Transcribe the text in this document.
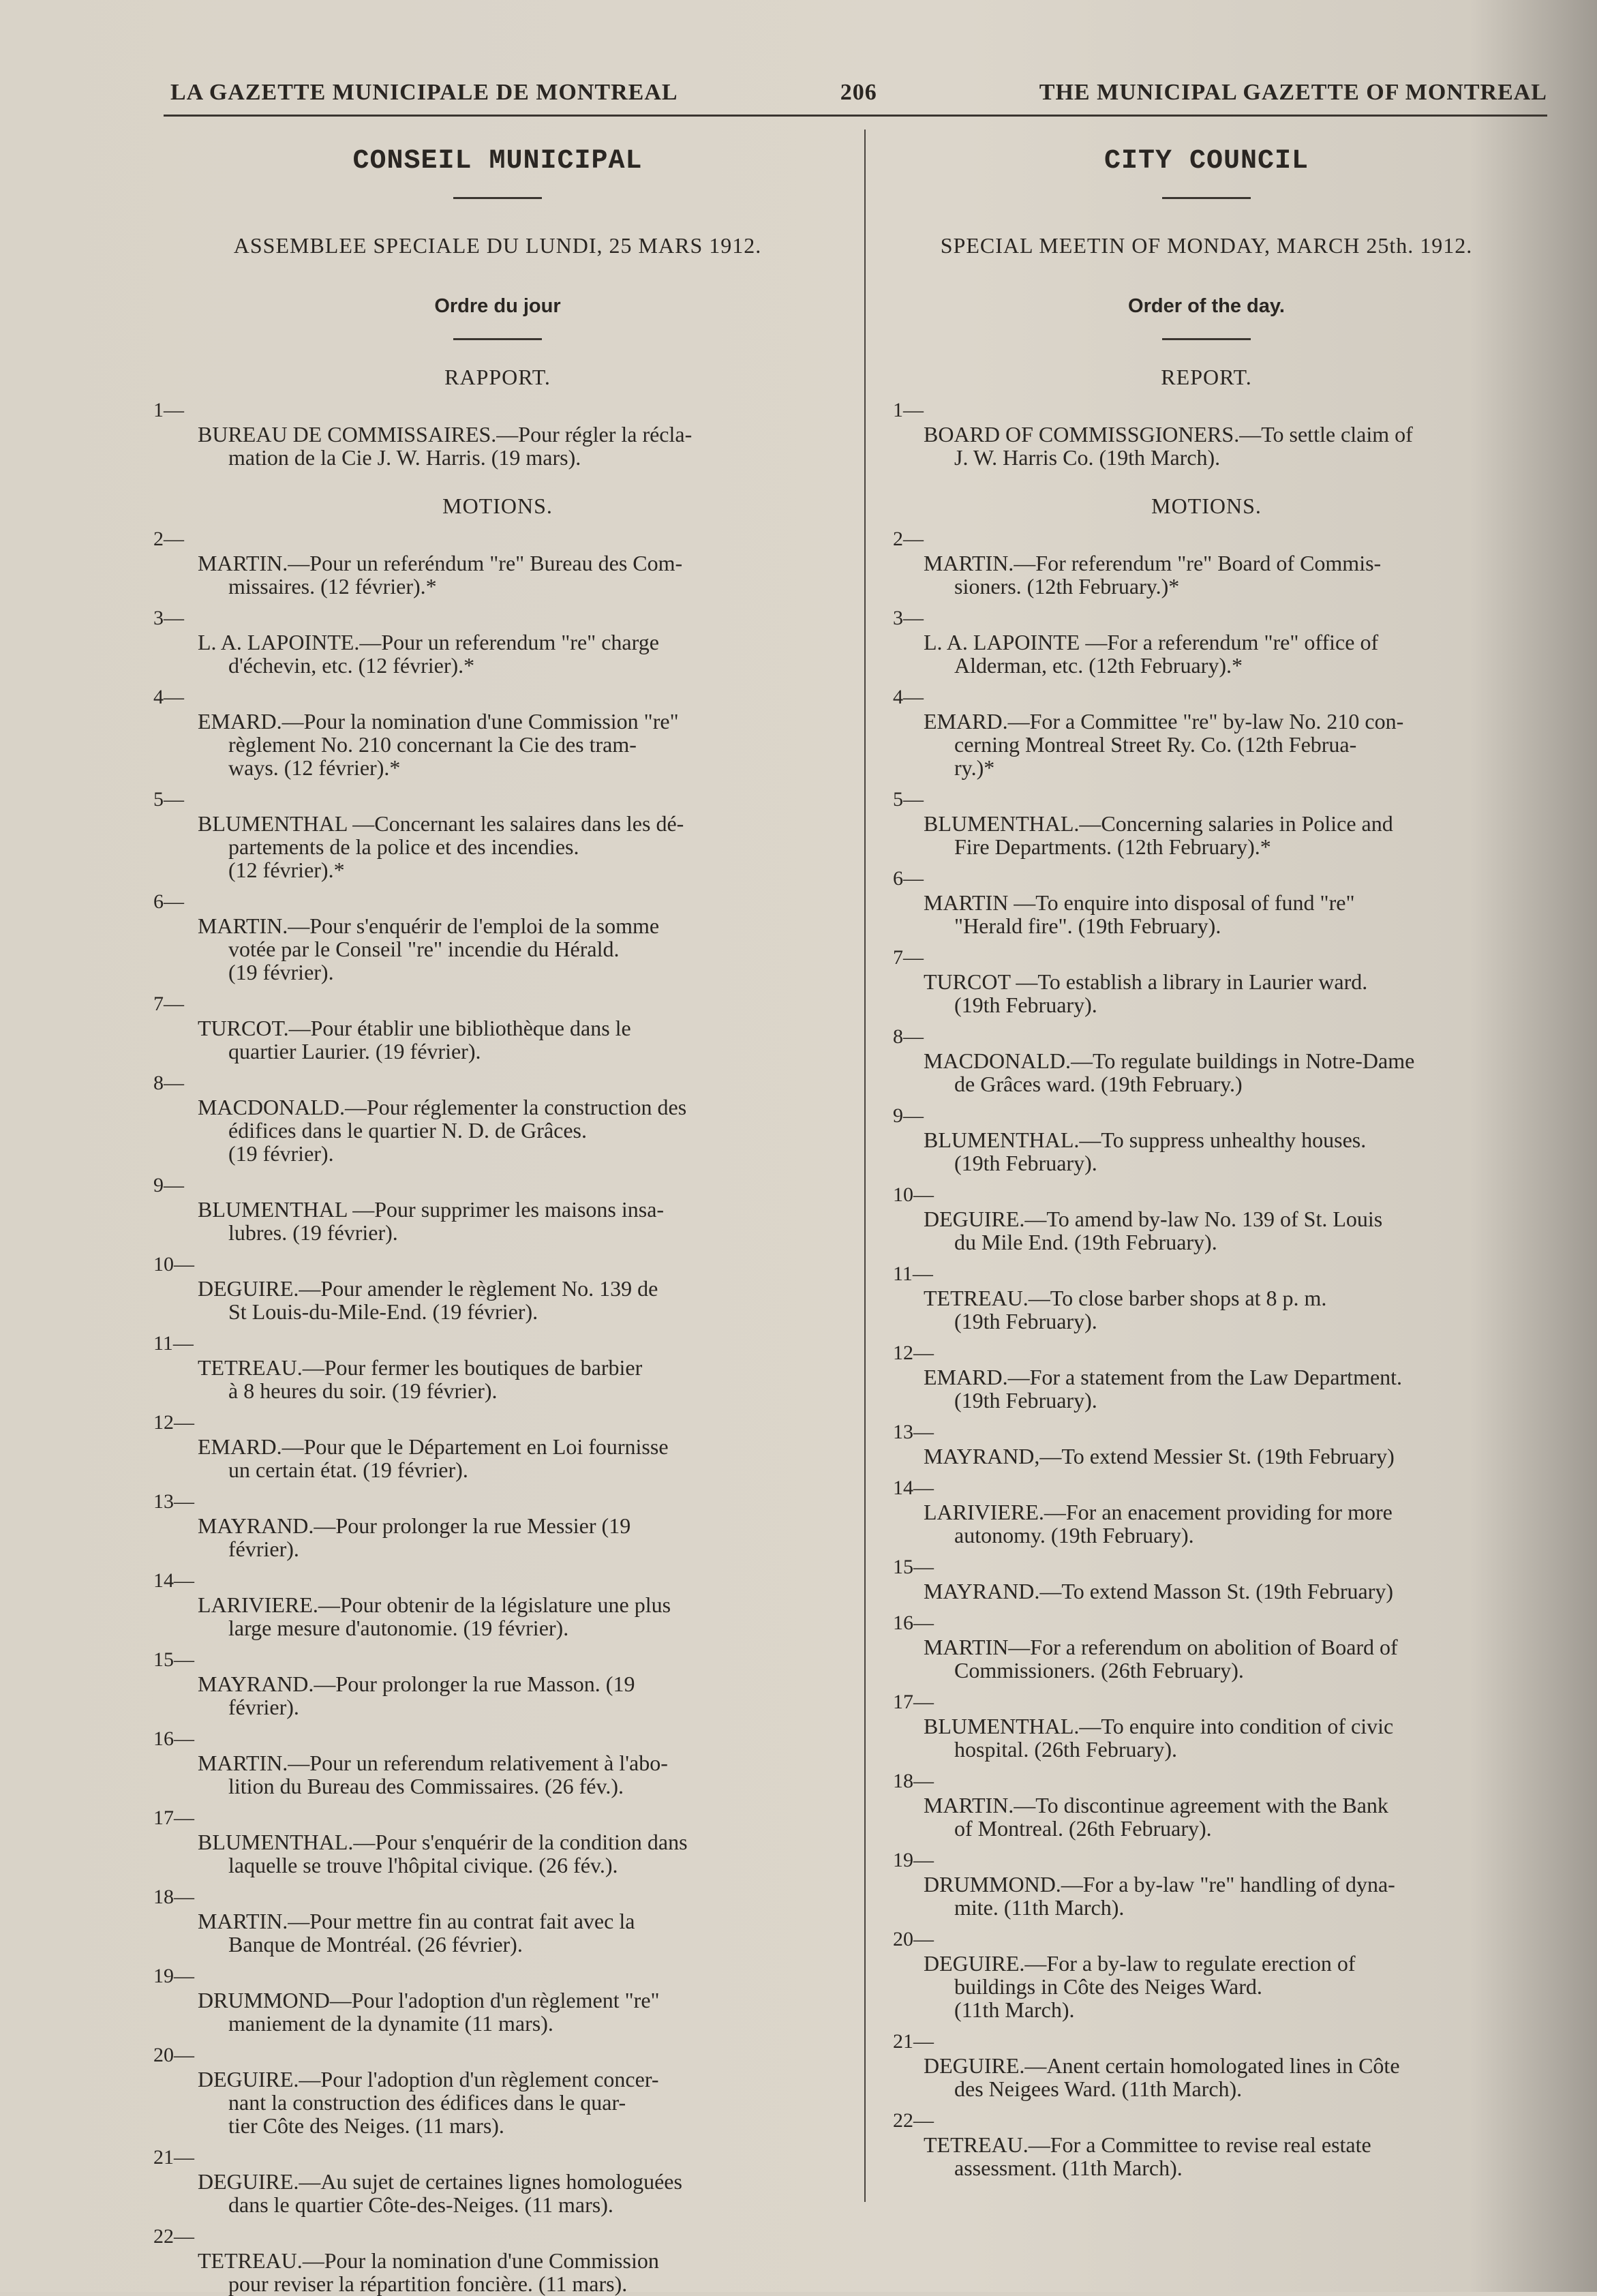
LA GAZETTE MUNICIPALE DE MONTREAL	206	THE MUNICIPAL GAZETTE OF MONTREAL
CONSEIL MUNICIPAL
ASSEMBLEE SPECIALE DU LUNDI, 25 MARS 1912.
Ordre du jour
RAPPORT.
1—
BUREAU DE COMMISSAIRES.—Pour régler la récla-
mation de la Cie J. W. Harris. (19 mars).
MOTIONS.
2—
MARTIN.—Pour un referéndum "re" Bureau des Com-
missaires. (12 février).*
3—
L. A. LAPOINTE.—Pour un referendum "re" charge
d'échevin, etc. (12 février).*
4—
EMARD.—Pour la nomination d'une Commission "re"
règlement No. 210 concernant la Cie des tram-
ways. (12 février).*
5—
BLUMENTHAL —Concernant les salaires dans les dé-
partements de la police et des incendies.
(12 février).*
6—
MARTIN.—Pour s'enquérir de l'emploi de la somme
votée par le Conseil "re" incendie du Hérald.
(19 février).
7—
TURCOT.—Pour établir une bibliothèque dans le
quartier Laurier. (19 février).
8—
MACDONALD.—Pour réglementer la construction des
édifices dans le quartier N. D. de Grâces.
(19 février).
9—
BLUMENTHAL —Pour supprimer les maisons insa-
lubres. (19 février).
10—
DEGUIRE.—Pour amender le règlement No. 139 de
St Louis-du-Mile-End. (19 février).
11—
TETREAU.—Pour fermer les boutiques de barbier
à 8 heures du soir. (19 février).
12—
EMARD.—Pour que le Département en Loi fournisse
un certain état. (19 février).
13—
MAYRAND.—Pour prolonger la rue Messier (19
février).
14—
LARIVIERE.—Pour obtenir de la législature une plus
large mesure d'autonomie. (19 février).
15—
MAYRAND.—Pour prolonger la rue Masson. (19
février).
16—
MARTIN.—Pour un referendum relativement à l'abo-
lition du Bureau des Commissaires. (26 fév.).
17—
BLUMENTHAL.—Pour s'enquérir de la condition dans
laquelle se trouve l'hôpital civique. (26 fév.).
18—
MARTIN.—Pour mettre fin au contrat fait avec la
Banque de Montréal. (26 février).
19—
DRUMMOND—Pour l'adoption d'un règlement "re"
maniement de la dynamite (11 mars).
20—
DEGUIRE.—Pour l'adoption d'un règlement concer-
nant la construction des édifices dans le quar-
tier Côte des Neiges. (11 mars).
21—
DEGUIRE.—Au sujet de certaines lignes homologuées
dans le quartier Côte-des-Neiges. (11 mars).
22—
TETREAU.—Pour la nomination d'une Commission
pour reviser la répartition foncière. (11 mars).
CITY COUNCIL
SPECIAL MEETIN OF MONDAY, MARCH 25th. 1912.
Order of the day.
REPORT.
1—
BOARD OF COMMISSGIONERS.—To settle claim of
J. W. Harris Co. (19th March).
MOTIONS.
2—
MARTIN.—For referendum "re" Board of Commis-
sioners. (12th February.)*
3—
L. A. LAPOINTE —For a referendum "re" office of
Alderman, etc. (12th February).*
4—
EMARD.—For a Committee "re" by-law No. 210 con-
cerning Montreal Street Ry. Co. (12th Februa-
ry.)*
5—
BLUMENTHAL.—Concerning salaries in Police and
Fire Departments. (12th February).*
6—
MARTIN —To enquire into disposal of fund "re"
"Herald fire". (19th February).
7—
TURCOT —To establish a library in Laurier ward.
(19th February).
8—
MACDONALD.—To regulate buildings in Notre-Dame
de Grâces ward. (19th February.)
9—
BLUMENTHAL.—To suppress unhealthy houses.
(19th February).
10—
DEGUIRE.—To amend by-law No. 139 of St. Louis
du Mile End. (19th February).
11—
TETREAU.—To close barber shops at 8 p. m.
(19th February).
12—
EMARD.—For a statement from the Law Department.
(19th February).
13—
MAYRAND,—To extend Messier St. (19th February)
14—
LARIVIERE.—For an enacement providing for more
autonomy. (19th February).
15—
MAYRAND.—To extend Masson St. (19th February)
16—
MARTIN—For a referendum on abolition of Board of
Commissioners. (26th February).
17—
BLUMENTHAL.—To enquire into condition of civic
hospital. (26th February).
18—
MARTIN.—To discontinue agreement with the Bank
of Montreal. (26th February).
19—
DRUMMOND.—For a by-law "re" handling of dyna-
mite. (11th March).
20—
DEGUIRE.—For a by-law to regulate erection of
buildings in Côte des Neiges Ward.
(11th March).
21—
DEGUIRE.—Anent certain homologated lines in Côte
des Neigees Ward. (11th March).
22—
TETREAU.—For a Committee to revise real estate
assessment. (11th March).
